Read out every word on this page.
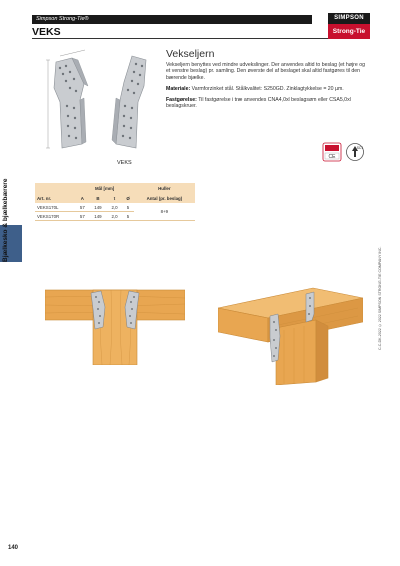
Simpson Strong-Tie®
VEKS
SIMPSON
Strong-Tie
VEKS
Vekseljern

Vekseljern benyttes ved mindre udvekslinger. Der anvendes altid to beslag (et højre og et venstre beslag) pr. samling. Den øverste del af beslaget skal altid fastgøres til den bærende bjælke.

Materiale: Varmforzinket stål. Stålkvalitet: S250GD. Zinklagtykkelse = 20 µm.

Fastgørelse: Til fastgørelse i træ anvendes CNA4,0xl beslagsøm eller CSA5,0xl beslagskruer.

CE
SC1
Bjælkesko & bjælkebærere
		Mål [mm]				Huller
Art. nr.	A	B	t	Ø	Antal (pr. beslag)
VEKS170L	57	149	2,0	5	8+9
VEKS170R	57	149	2,0	5	
C-C-DK-2022 © 2022 SIMPSON STRONG-TIE COMPANY INC.
140
